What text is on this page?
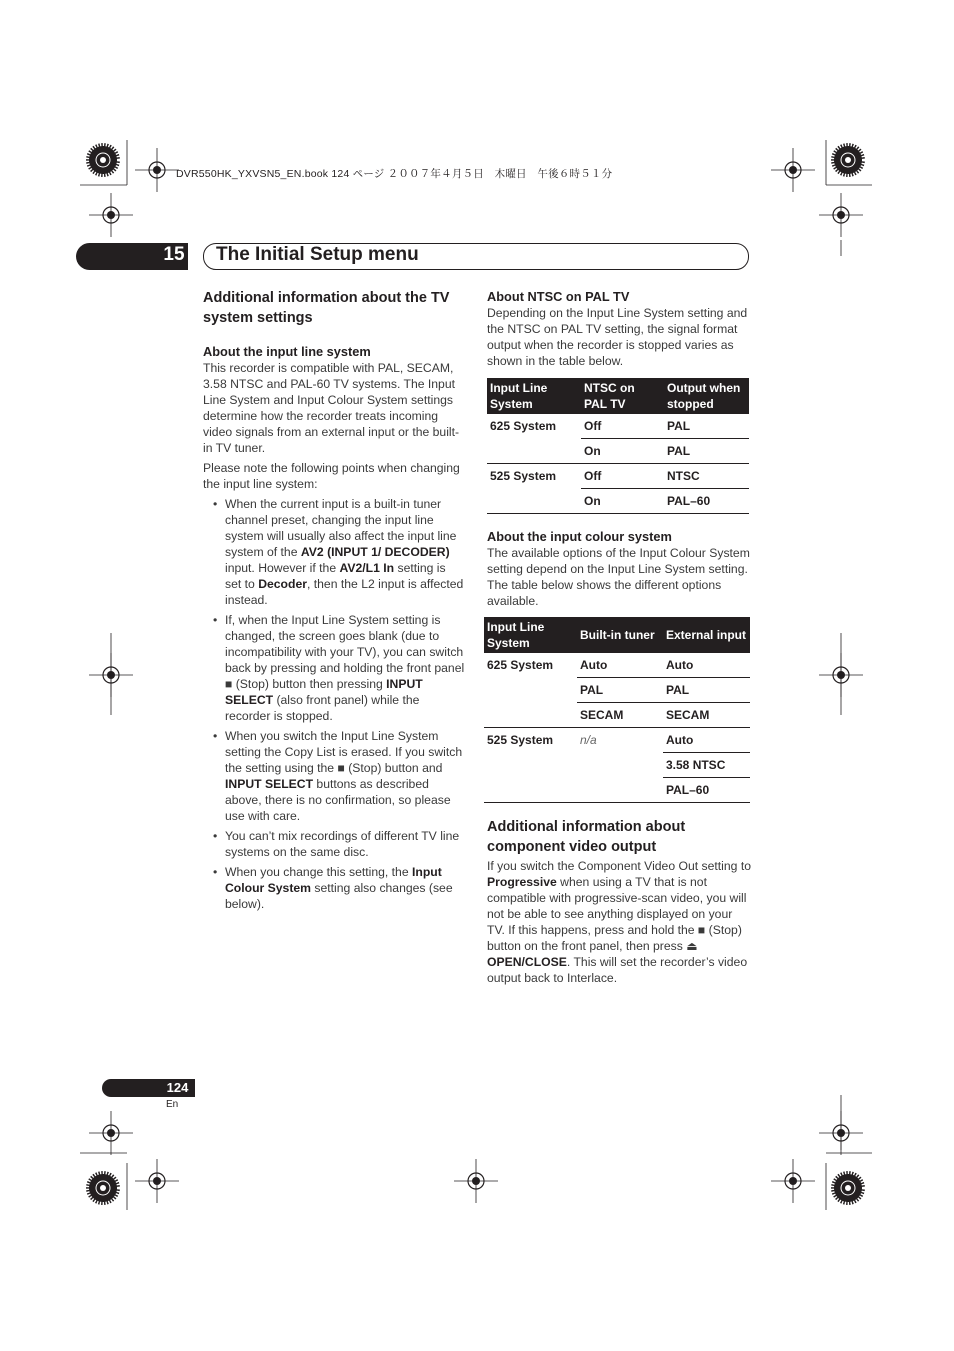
DVR550HK_YXVSN5_EN.book 124 ページ ２００７年４月５日　木曜日　午後６時５１分
15 The Initial Setup menu
Additional information about the TV system settings
About the input line system

This recorder is compatible with PAL, SECAM, 3.58 NTSC and PAL-60 TV systems. The Input Line System and Input Colour System settings determine how the recorder treats incoming video signals from an external input or the built-in TV tuner.

Please note the following points when changing the input line system:

• When the current input is a built-in tuner channel preset, changing the input line system will usually also affect the input line system of the AV2 (INPUT 1/ DECODER) input. However if the AV2/L1 In setting is set to Decoder, then the L2 input is affected instead.
• If, when the Input Line System setting is changed, the screen goes blank (due to incompatibility with your TV), you can switch back by pressing and holding the front panel ■ (Stop) button then pressing INPUT SELECT (also front panel) while the recorder is stopped.
• When you switch the Input Line System setting the Copy List is erased. If you switch the setting using the ■ (Stop) button and INPUT SELECT buttons as described above, there is no confirmation, so please use with care.
• You can’t mix recordings of different TV line systems on the same disc.
• When you change this setting, the Input Colour System setting also changes (see below).
About NTSC on PAL TV

Depending on the Input Line System setting and the NTSC on PAL TV setting, the signal format output when the recorder is stopped varies as shown in the table below.

Input Line System	NTSC on PAL TV	Output when stopped
625 System	Off	PAL
	On	PAL
525 System	Off	NTSC
	On	PAL–60
About the input colour system

The available options of the Input Colour System setting depend on the Input Line System setting. The table below shows the different options available.

Input Line System	Built-in tuner	External input
625 System	Auto	Auto
	PAL	PAL
	SECAM	SECAM
525 System	n/a	Auto
		3.58 NTSC
		PAL–60
Additional information about component video output

If you switch the Component Video Out setting to Progressive when using a TV that is not compatible with progressive-scan video, you will not be able to see anything displayed on your TV. If this happens, press and hold the ■ (Stop) button on the front panel, then press ⏏ OPEN/CLOSE. This will set the recorder’s video output back to Interlace.

124
En
